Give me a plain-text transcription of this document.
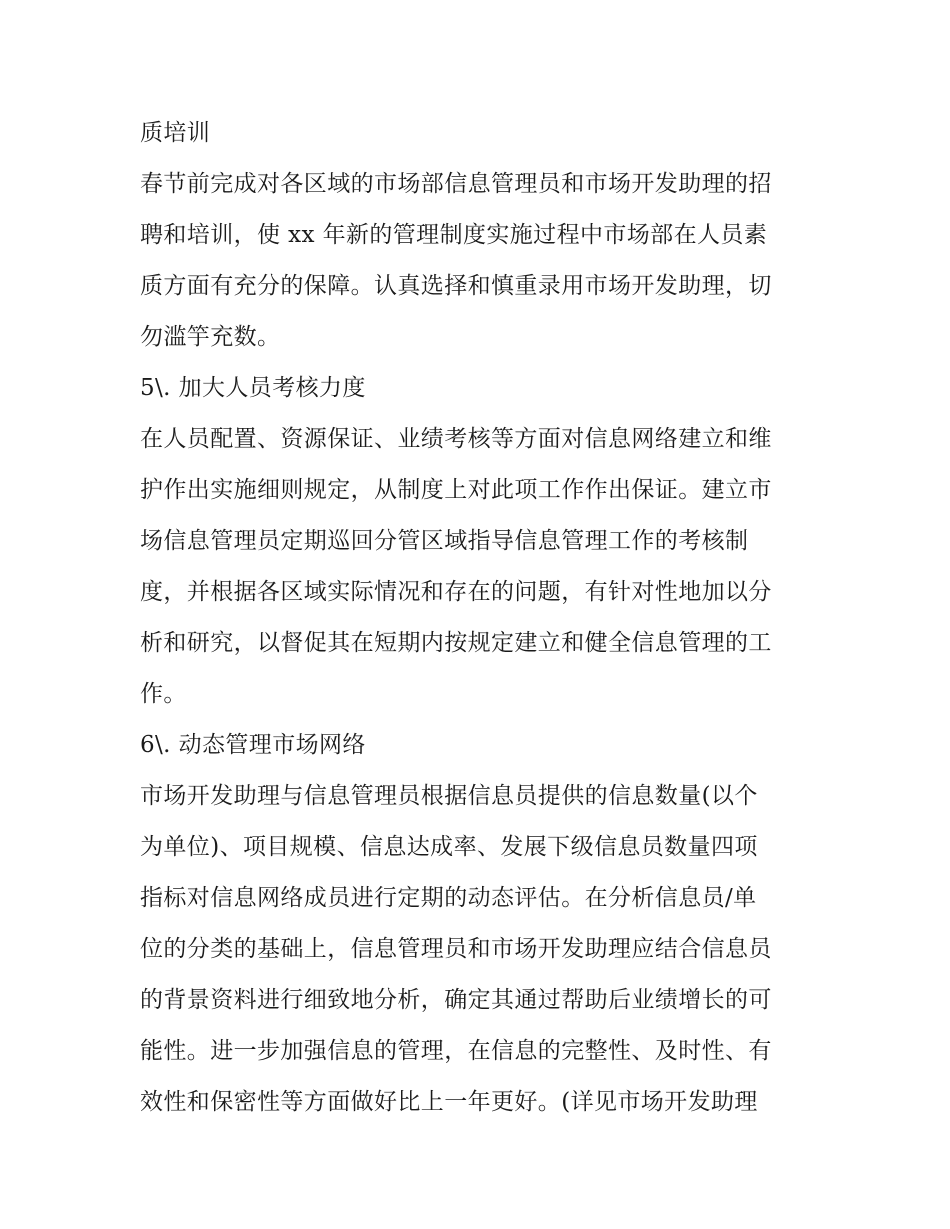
质培训
春节前完成对各区域的市场部信息管理员和市场开发助理的招
聘和培训，使 xx 年新的管理制度实施过程中市场部在人员素
质方面有充分的保障。认真选择和慎重录用市场开发助理，切
勿滥竽充数。
5\. 加大人员考核力度
在人员配置、资源保证、业绩考核等方面对信息网络建立和维
护作出实施细则规定，从制度上对此项工作作出保证。建立市
场信息管理员定期巡回分管区域指导信息管理工作的考核制
度，并根据各区域实际情况和存在的问题，有针对性地加以分
析和研究，以督促其在短期内按规定建立和健全信息管理的工
作。
6\. 动态管理市场网络
市场开发助理与信息管理员根据信息员提供的信息数量(以个
为单位)、项目规模、信息达成率、发展下级信息员数量四项
指标对信息网络成员进行定期的动态评估。在分析信息员/单
位的分类的基础上，信息管理员和市场开发助理应结合信息员
的背景资料进行细致地分析，确定其通过帮助后业绩增长的可
能性。进一步加强信息的管理，在信息的完整性、及时性、有
效性和保密性等方面做好比上一年更好。(详见市场开发助理
